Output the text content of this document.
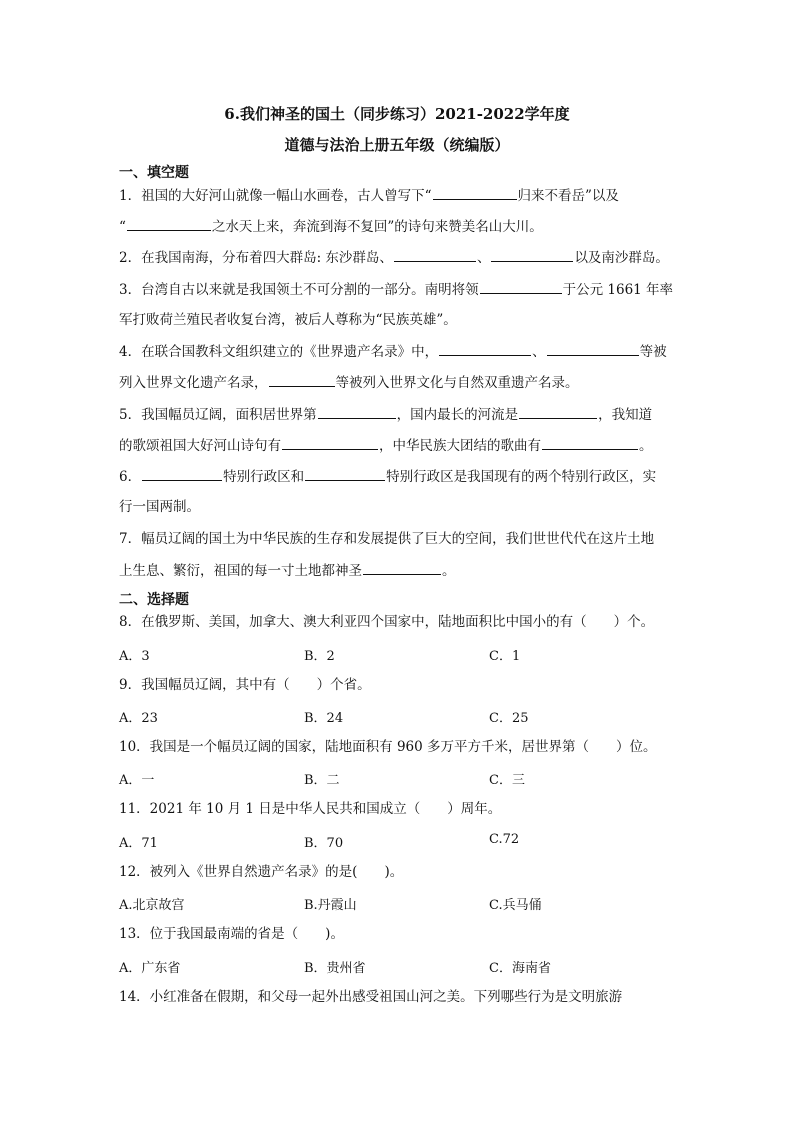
6.我们神圣的国土（同步练习）2021-2022学年度
道德与法治上册五年级（统编版）
一、填空题
1．祖国的大好河山就像一幅山水画卷，古人曾写下“	归来不看岳”以及
“	之水天上来，奔流到海不复回”的诗句来赞美名山大川。
2．在我国南海，分布着四大群岛: 东沙群岛、	、	以及南沙群岛。
3．台湾自古以来就是我国领土不可分割的一部分。南明将领	于公元 1661 年率
军打败荷兰殖民者收复台湾，被后人尊称为“民族英雄”。
4．在联合国教科文组织建立的《世界遗产名录》中，	、	等被
列入世界文化遗产名录，	等被列入世界文化与自然双重遗产名录。
5．我国幅员辽阔，面积居世界第	，国内最长的河流是	，我知道
的歌颂祖国大好河山诗句有	，中华民族大团结的歌曲有	。
6．	特别行政区和	特别行政区是我国现有的两个特别行政区，实
行一国两制。
7．幅员辽阔的国土为中华民族的生存和发展提供了巨大的空间，我们世世代代在这片土地
上生息、繁衍，祖国的每一寸土地都神圣	。
二、选择题
8．在俄罗斯、美国，加拿大、澳大利亚四个国家中，陆地面积比中国小的有（　　）个。
A．3	B．2	C．1
9．我国幅员辽阔，其中有（　　）个省。
A．23	B．24	C．25
10．我国是一个幅员辽阔的国家，陆地面积有 960 多万平方千米，居世界第（　　）位。
A．一	B．二	C．三
11．2021 年 10 月 1 日是中华人民共和国成立（　　）周年。
A．71	B．70	C.72
12．被列入《世界自然遗产名录》的是(　　)。
A.北京故宫	B.丹霞山	C.兵马俑
13．位于我国最南端的省是（　　)。
A．广东省	B．贵州省	C．海南省
14．小红准备在假期，和父母一起外出感受祖国山河之美。下列哪些行为是文明旅游
